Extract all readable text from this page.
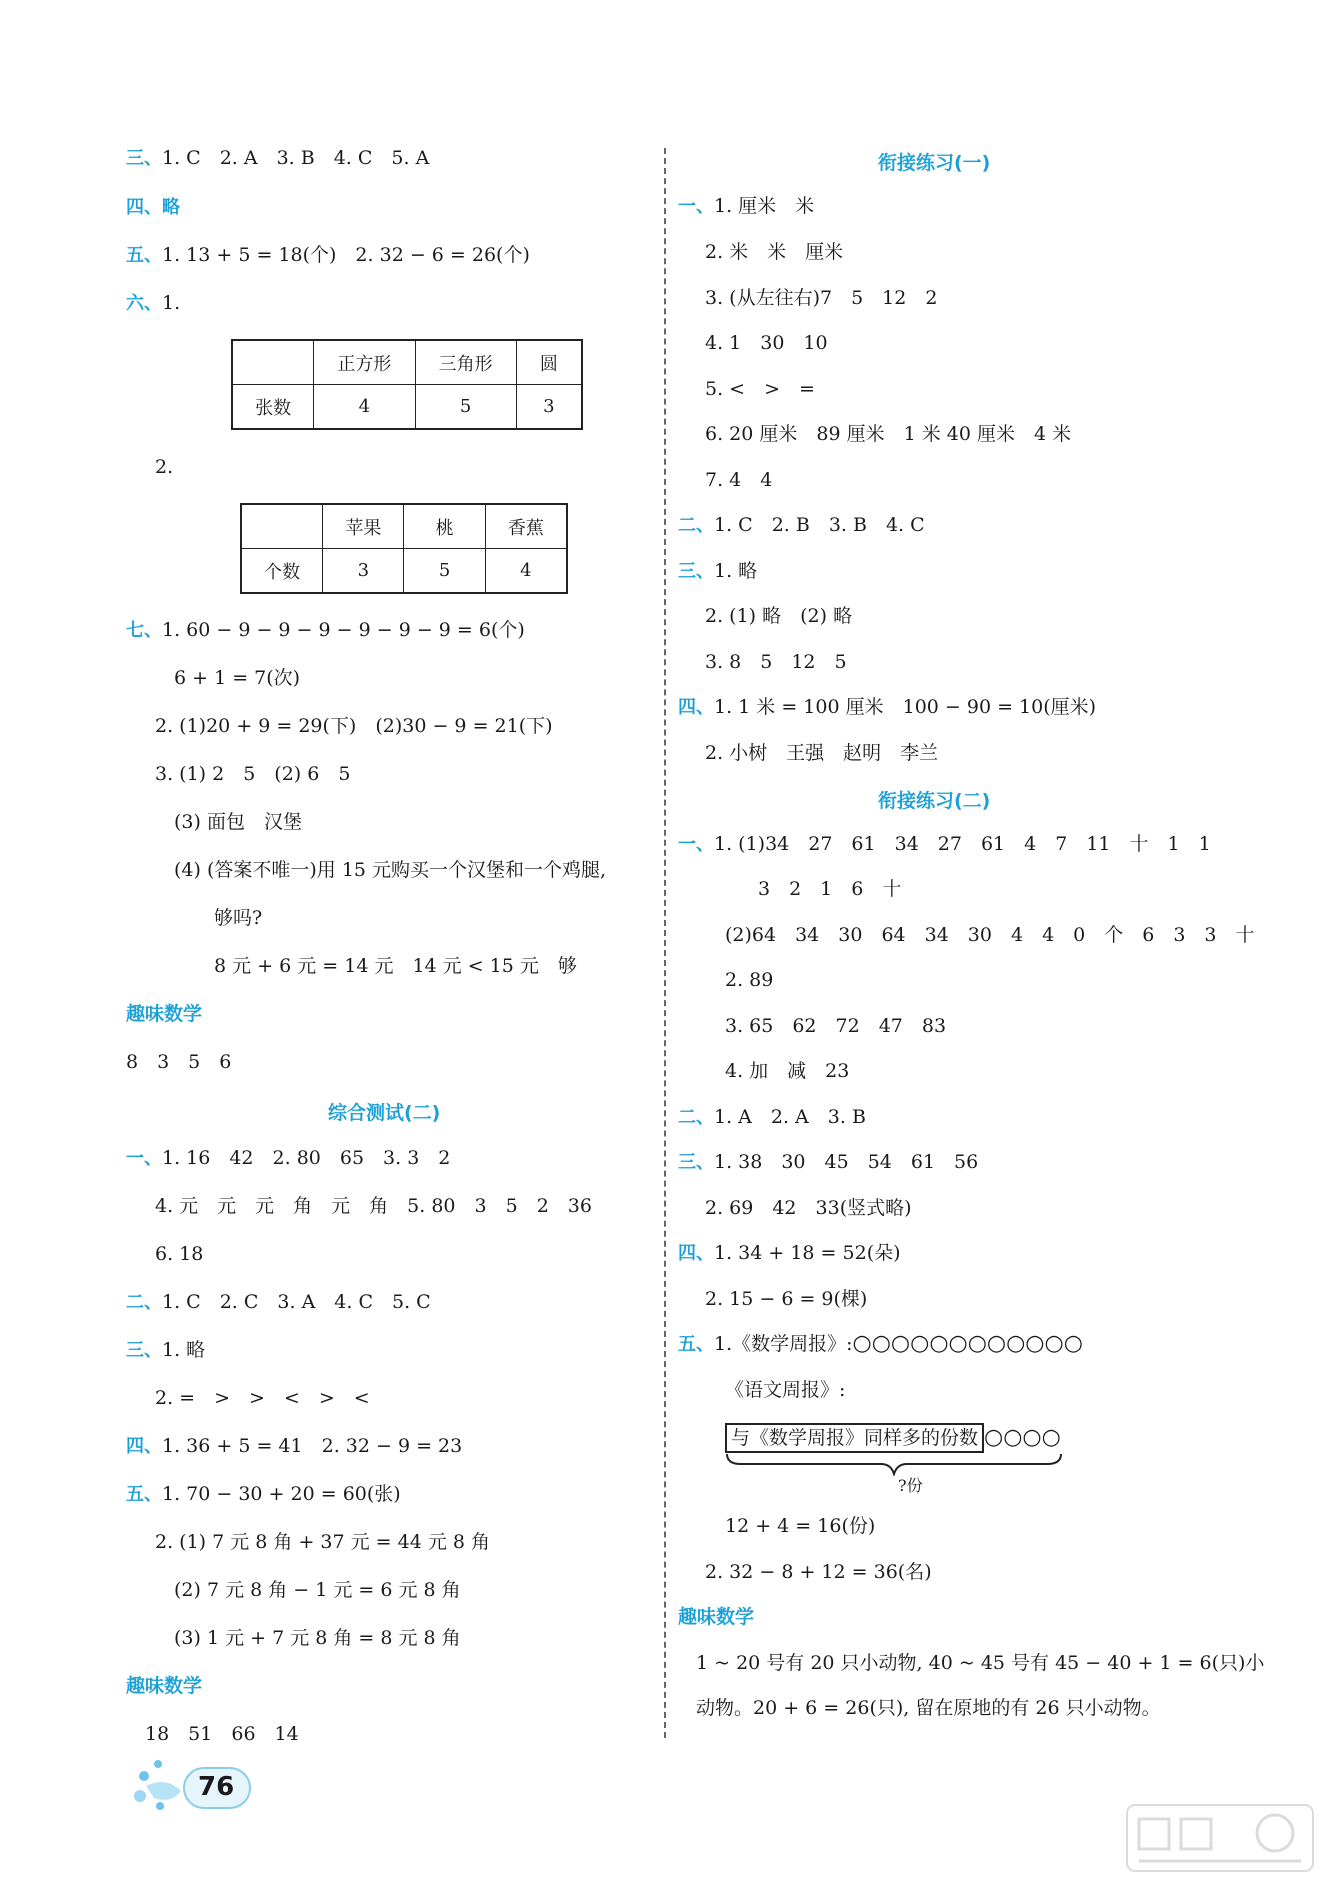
三、1. C　2. A　3. B　4. C　5. A
四、略
五、1. 13 + 5 = 18(个)　2. 32 − 6 = 26(个)
六、1.
	正方形	三角形	圆
张数	4	5	3
2.
	苹果	桃	香蕉
个数	3	5	4
七、1. 60 − 9 − 9 − 9 − 9 − 9 − 9 = 6(个)
6 + 1 = 7(次)
2. (1)20 + 9 = 29(下)　(2)30 − 9 = 21(下)
3. (1) 2　5　(2) 6　5
(3) 面包　汉堡
(4) (答案不唯一)用 15 元购买一个汉堡和一个鸡腿,
够吗?
8 元 + 6 元 = 14 元　14 元 < 15 元　够
趣味数学
8　3　5　6
综合测试(二)
一、1. 16　42　2. 80　65　3. 3　2
4. 元　元　元　角　元　角　5. 80　3　5　2　36
6. 18
二、1. C　2. C　3. A　4. C　5. C
三、1. 略
2. =　>　>　<　>　<
四、1. 36 + 5 = 41　2. 32 − 9 = 23
五、1. 70 − 30 + 20 = 60(张)
2. (1) 7 元 8 角 + 37 元 = 44 元 8 角
(2) 7 元 8 角 − 1 元 = 6 元 8 角
(3) 1 元 + 7 元 8 角 = 8 元 8 角
趣味数学
18　51　66　14
衔接练习(一)
一、1. 厘米　米
2. 米　米　厘米
3. (从左往右)7　5　12　2
4. 1　30　10
5. <　>　=
6. 20 厘米　89 厘米　1 米 40 厘米　4 米
7. 4　4
二、1. C　2. B　3. B　4. C
三、1. 略
2. (1) 略　(2) 略
3. 8　5　12　5
四、1. 1 米 = 100 厘米　100 − 90 = 10(厘米)
2. 小树　王强　赵明　李兰
衔接练习(二)
一、1. (1)34　27　61　34　27　61　4　7　11　十　1　1
3　2　1　6　十
(2)64　34　30　64　34　30　4　4　0　个　6　3　3　十
2. 89
3. 65　62　72　47　83
4. 加　减　23
二、1. A　2. A　3. B
三、1. 38　30　45　54　61　56
2. 69　42　33(竖式略)
四、1. 34 + 18 = 52(朵)
2. 15 − 6 = 9(棵)
五、1.《数学周报》:○○○○○○○○○○○○
《语文周报》:
与《数学周报》同样多的份数 ○○○○
?份
12 + 4 = 16(份)
2. 32 − 8 + 12 = 36(名)
趣味数学
1 ~ 20 号有 20 只小动物, 40 ~ 45 号有 45 − 40 + 1 = 6(只)小
动物。20 + 6 = 26(只), 留在原地的有 26 只小动物。
76
